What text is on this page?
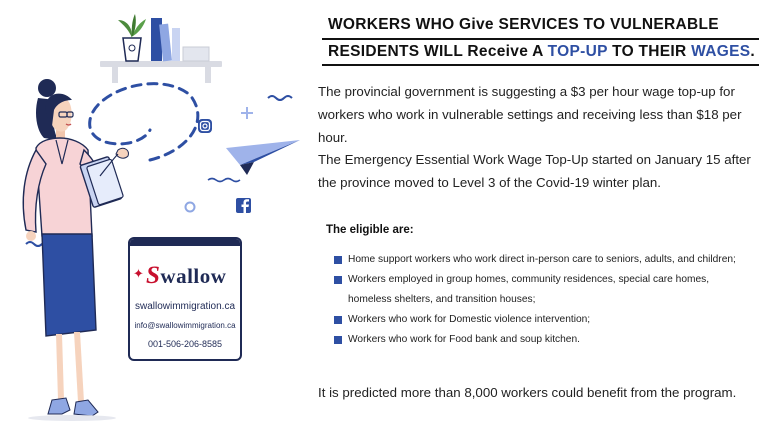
✦ Swallow
swallowimmigration.ca
info@swallowimmigration.ca
001-506-206-8585
WORKERS WHO Give SERVICES TO VULNERABLE
RESIDENTS WILL Receive A TOP-UP TO THEIR WAGES.
The provincial government is suggesting a $3 per hour wage top-up for workers who work in vulnerable settings and receiving less than $18 per hour.
The Emergency Essential Work Wage Top-Up started on January 15 after the province moved to Level 3 of the Covid-19 winter plan.
The eligible are:
Home support workers who work direct in-person care to seniors, adults, and children;
Workers employed in group homes, community residences, special care homes,
homeless shelters, and transition houses;
Workers who work for Domestic violence intervention;
Workers who work for Food bank and soup kitchen.
It is predicted more than 8,000 workers could benefit from the program.
